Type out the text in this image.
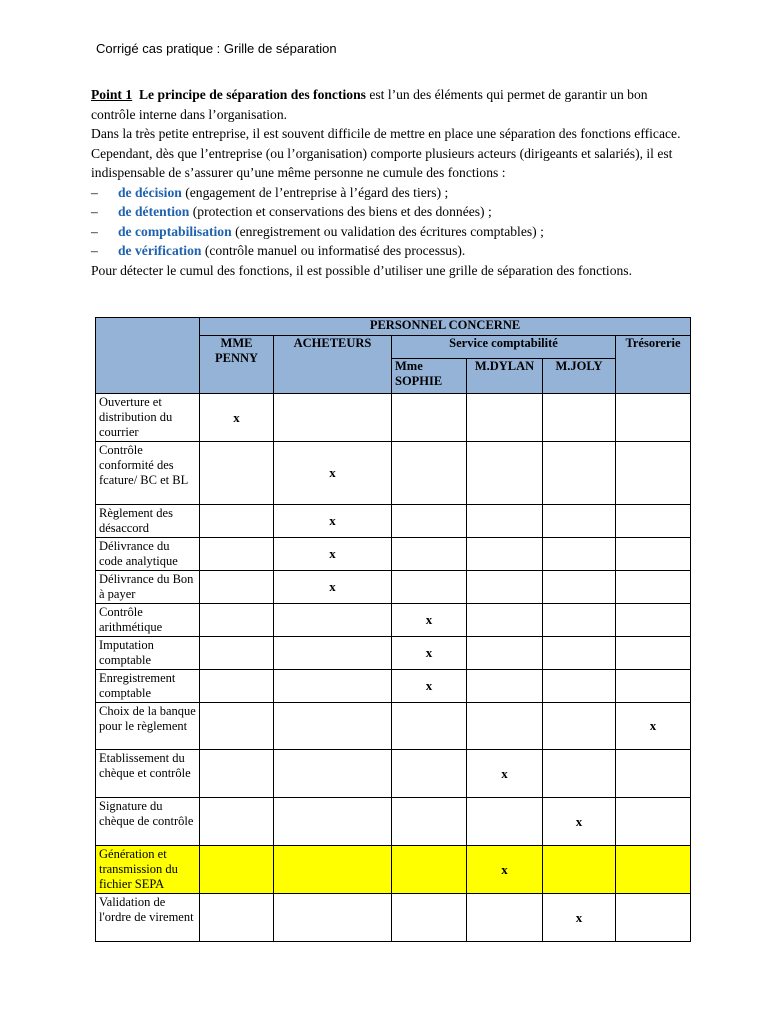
Corrigé cas pratique : Grille de séparation

Point 1 Le principe de séparation des fonctions est l’un des éléments qui permet de garantir un bon contrôle interne dans l’organisation.

Dans la très petite entreprise, il est souvent difficile de mettre en place une séparation des fonctions efficace.

Cependant, dès que l’entreprise (ou l’organisation) comporte plusieurs acteurs (dirigeants et salariés), il est indispensable de s’assurer qu’une même personne ne cumule des fonctions :

– de décision (engagement de l’entreprise à l’égard des tiers) ;
– de détention (protection et conservations des biens et des données) ;
– de comptabilisation (enregistrement ou validation des écritures comptables) ;
– de vérification (contrôle manuel ou informatisé des processus).

Pour détecter le cumul des fonctions, il est possible d’utiliser une grille de séparation des fonctions.

	PERSONNEL CONCERNE					
	MME PENNY	ACHETEURS	Service comptabilité			Trésorerie
			Mme SOPHIE	M.DYLAN	M.JOLY	
Ouverture et distribution du courrier	x					
Contrôle conformité des fcature/ BC et BL		x				
Règlement des désaccord		x				
Délivrance du code analytique		x				
Délivrance du Bon à payer		x				
Contrôle arithmétique			x			
Imputation comptable			x			
Enregistrement comptable			x			
Choix de la banque pour le règlement						x
Etablissement du chèque et contrôle				x		
Signature du chèque de contrôle					x	
Génération et transmission du fichier SEPA				x		
Validation de l'ordre de virement					x	
